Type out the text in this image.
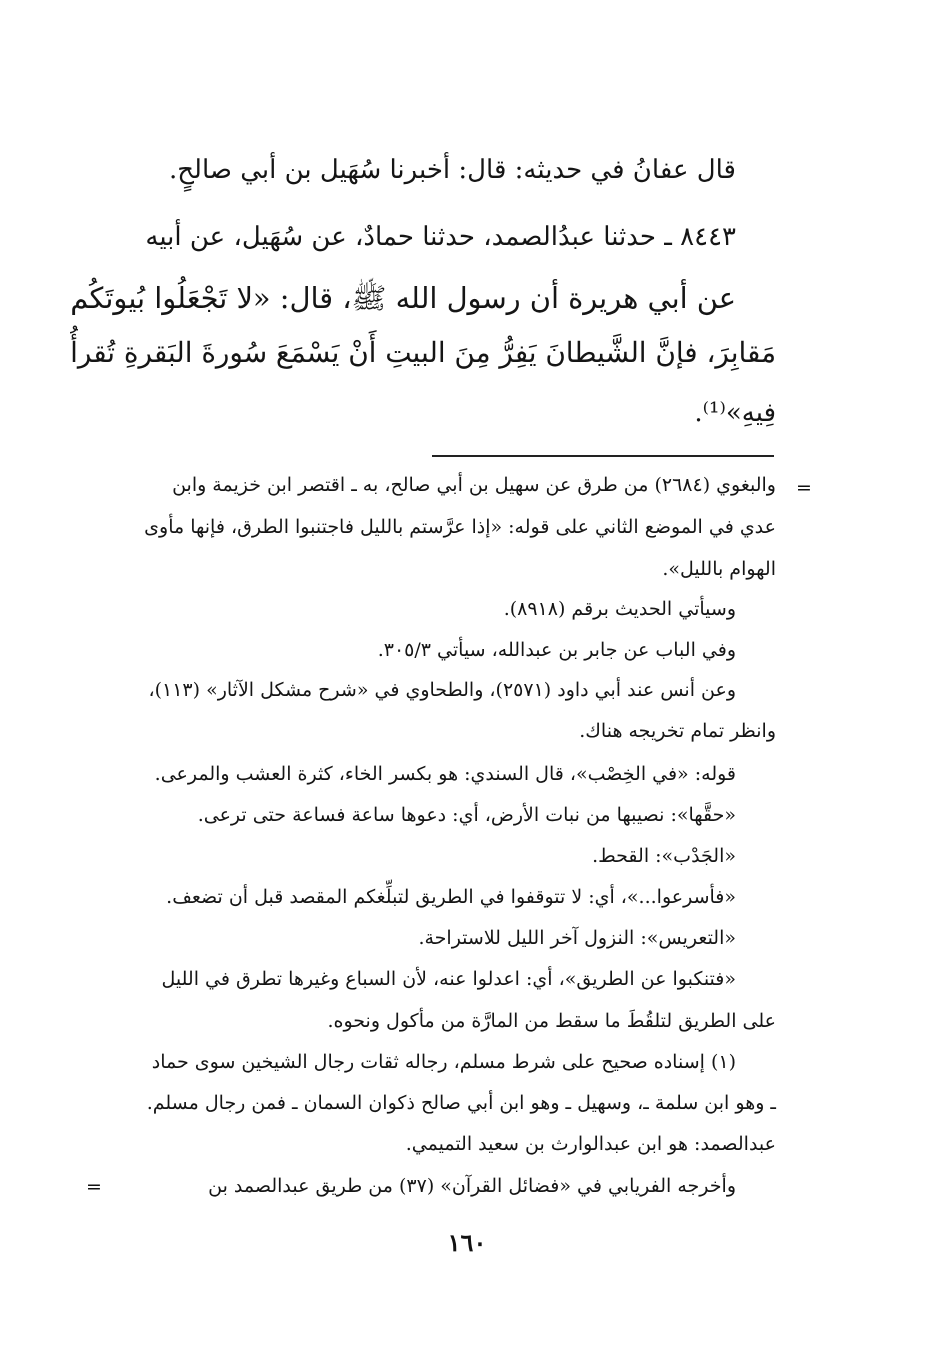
قال عفانُ في حديثه: قال: أخبرنا سُهَيل بن أبي صالحٍ.

٨٤٤٣ ـ حدثنا عبدُالصمد، حدثنا حمادٌ، عن سُهَيل، عن أبيه

عن أبي هريرة أن رسول الله ﷺ، قال: «لا تَجْعَلُوا بُيوتَكُم

مَقابِرَ، فإنَّ الشَّيطانَ يَفِرُّ مِنَ البيتِ أَنْ يَسْمَعَ سُورةَ البَقرةِ تُقرأُ

فِيهِ»⁽¹⁾.

=

والبغوي (٢٦٨٤) من طرق عن سهيل بن أبي صالح، به ـ اقتصر ابن خزيمة وابن

عدي في الموضع الثاني على قوله: «إذا عرَّستم بالليل فاجتنبوا الطرق، فإنها مأوى

الهوام بالليل».

وسيأتي الحديث برقم (٨٩١٨).

وفي الباب عن جابر بن عبدالله، سيأتي ٣٠٥/٣.

وعن أنس عند أبي داود (٢٥٧١)، والطحاوي في «شرح مشكل الآثار» (١١٣)،

وانظر تمام تخريجه هناك.

قوله: «في الخِصْب»، قال السندي: هو بكسر الخاء، كثرة العشب والمرعى.

«حقَّها»: نصيبها من نبات الأرض، أي: دعوها ساعة فساعة حتى ترعى.

«الجَدْب»: القحط.

«فأسرعوا...»، أي: لا تتوقفوا في الطريق لتبلِّغكم المقصد قبل أن تضعف.

«التعريس»: النزول آخر الليل للاستراحة.

«فتنكبوا عن الطريق»، أي: اعدلوا عنه، لأن السباع وغيرها تطرق في الليل

على الطريق لتلقُطَ ما سقط من المارَّة من مأكول ونحوه.

(١) إسناده صحيح على شرط مسلم، رجاله ثقات رجال الشيخين سوى حماد

ـ وهو ابن سلمة ـ، وسهيل ـ وهو ابن أبي صالح ذكوان السمان ـ فمن رجال مسلم.

عبدالصمد: هو ابن عبدالوارث بن سعيد التميمي.

وأخرجه الفريابي في «فضائل القرآن» (٣٧) من طريق عبدالصمد بن

=
١٦٠
